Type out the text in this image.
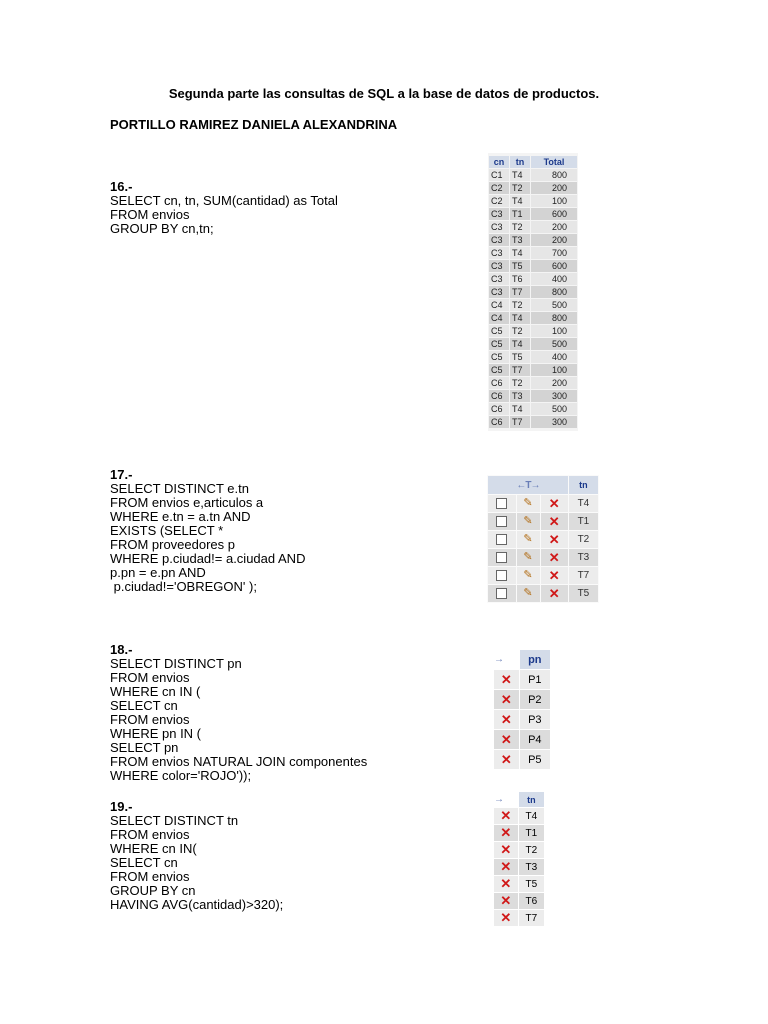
Segunda parte las consultas de SQL a la base de datos de productos.
PORTILLO RAMIREZ DANIELA ALEXANDRINA
16.-
SELECT cn, tn, SUM(cantidad) as Total
FROM envios
GROUP BY cn,tn;
17.-
SELECT DISTINCT e.tn
FROM envios e,articulos a
WHERE e.tn = a.tn AND
EXISTS (SELECT *
FROM proveedores p
WHERE p.ciudad!= a.ciudad AND
p.pn = e.pn AND
p.ciudad!='OBREGON' );
18.-
SELECT DISTINCT pn
FROM envios
WHERE cn IN (
SELECT cn
FROM envios
WHERE pn IN (
SELECT pn
FROM envios NATURAL JOIN componentes
WHERE color='ROJO'));
19.-
SELECT DISTINCT tn
FROM envios
WHERE cn IN(
SELECT cn
FROM envios
GROUP BY cn
HAVING AVG(cantidad)>320);
cn	tn	Total
C1	T4	800
C2	T2	200
C2	T4	100
C3	T1	600
C3	T2	200
C3	T3	200
C3	T4	700
C3	T5	600
C3	T6	400
C3	T7	800
C4	T2	500
C4	T4	800
C5	T2	100
C5	T4	500
C5	T5	400
C5	T7	100
C6	T2	200
C6	T3	300
C6	T4	500
C6	T7	300
←T→			tn
	✎	✕	T4
	✎	✕	T1
	✎	✕	T2
	✎	✕	T3
	✎	✕	T7
	✎	✕	T5
→	pn
✕	P1
✕	P2
✕	P3
✕	P4
✕	P5
→	tn
✕	T4
✕	T1
✕	T2
✕	T3
✕	T5
✕	T6
✕	T7
